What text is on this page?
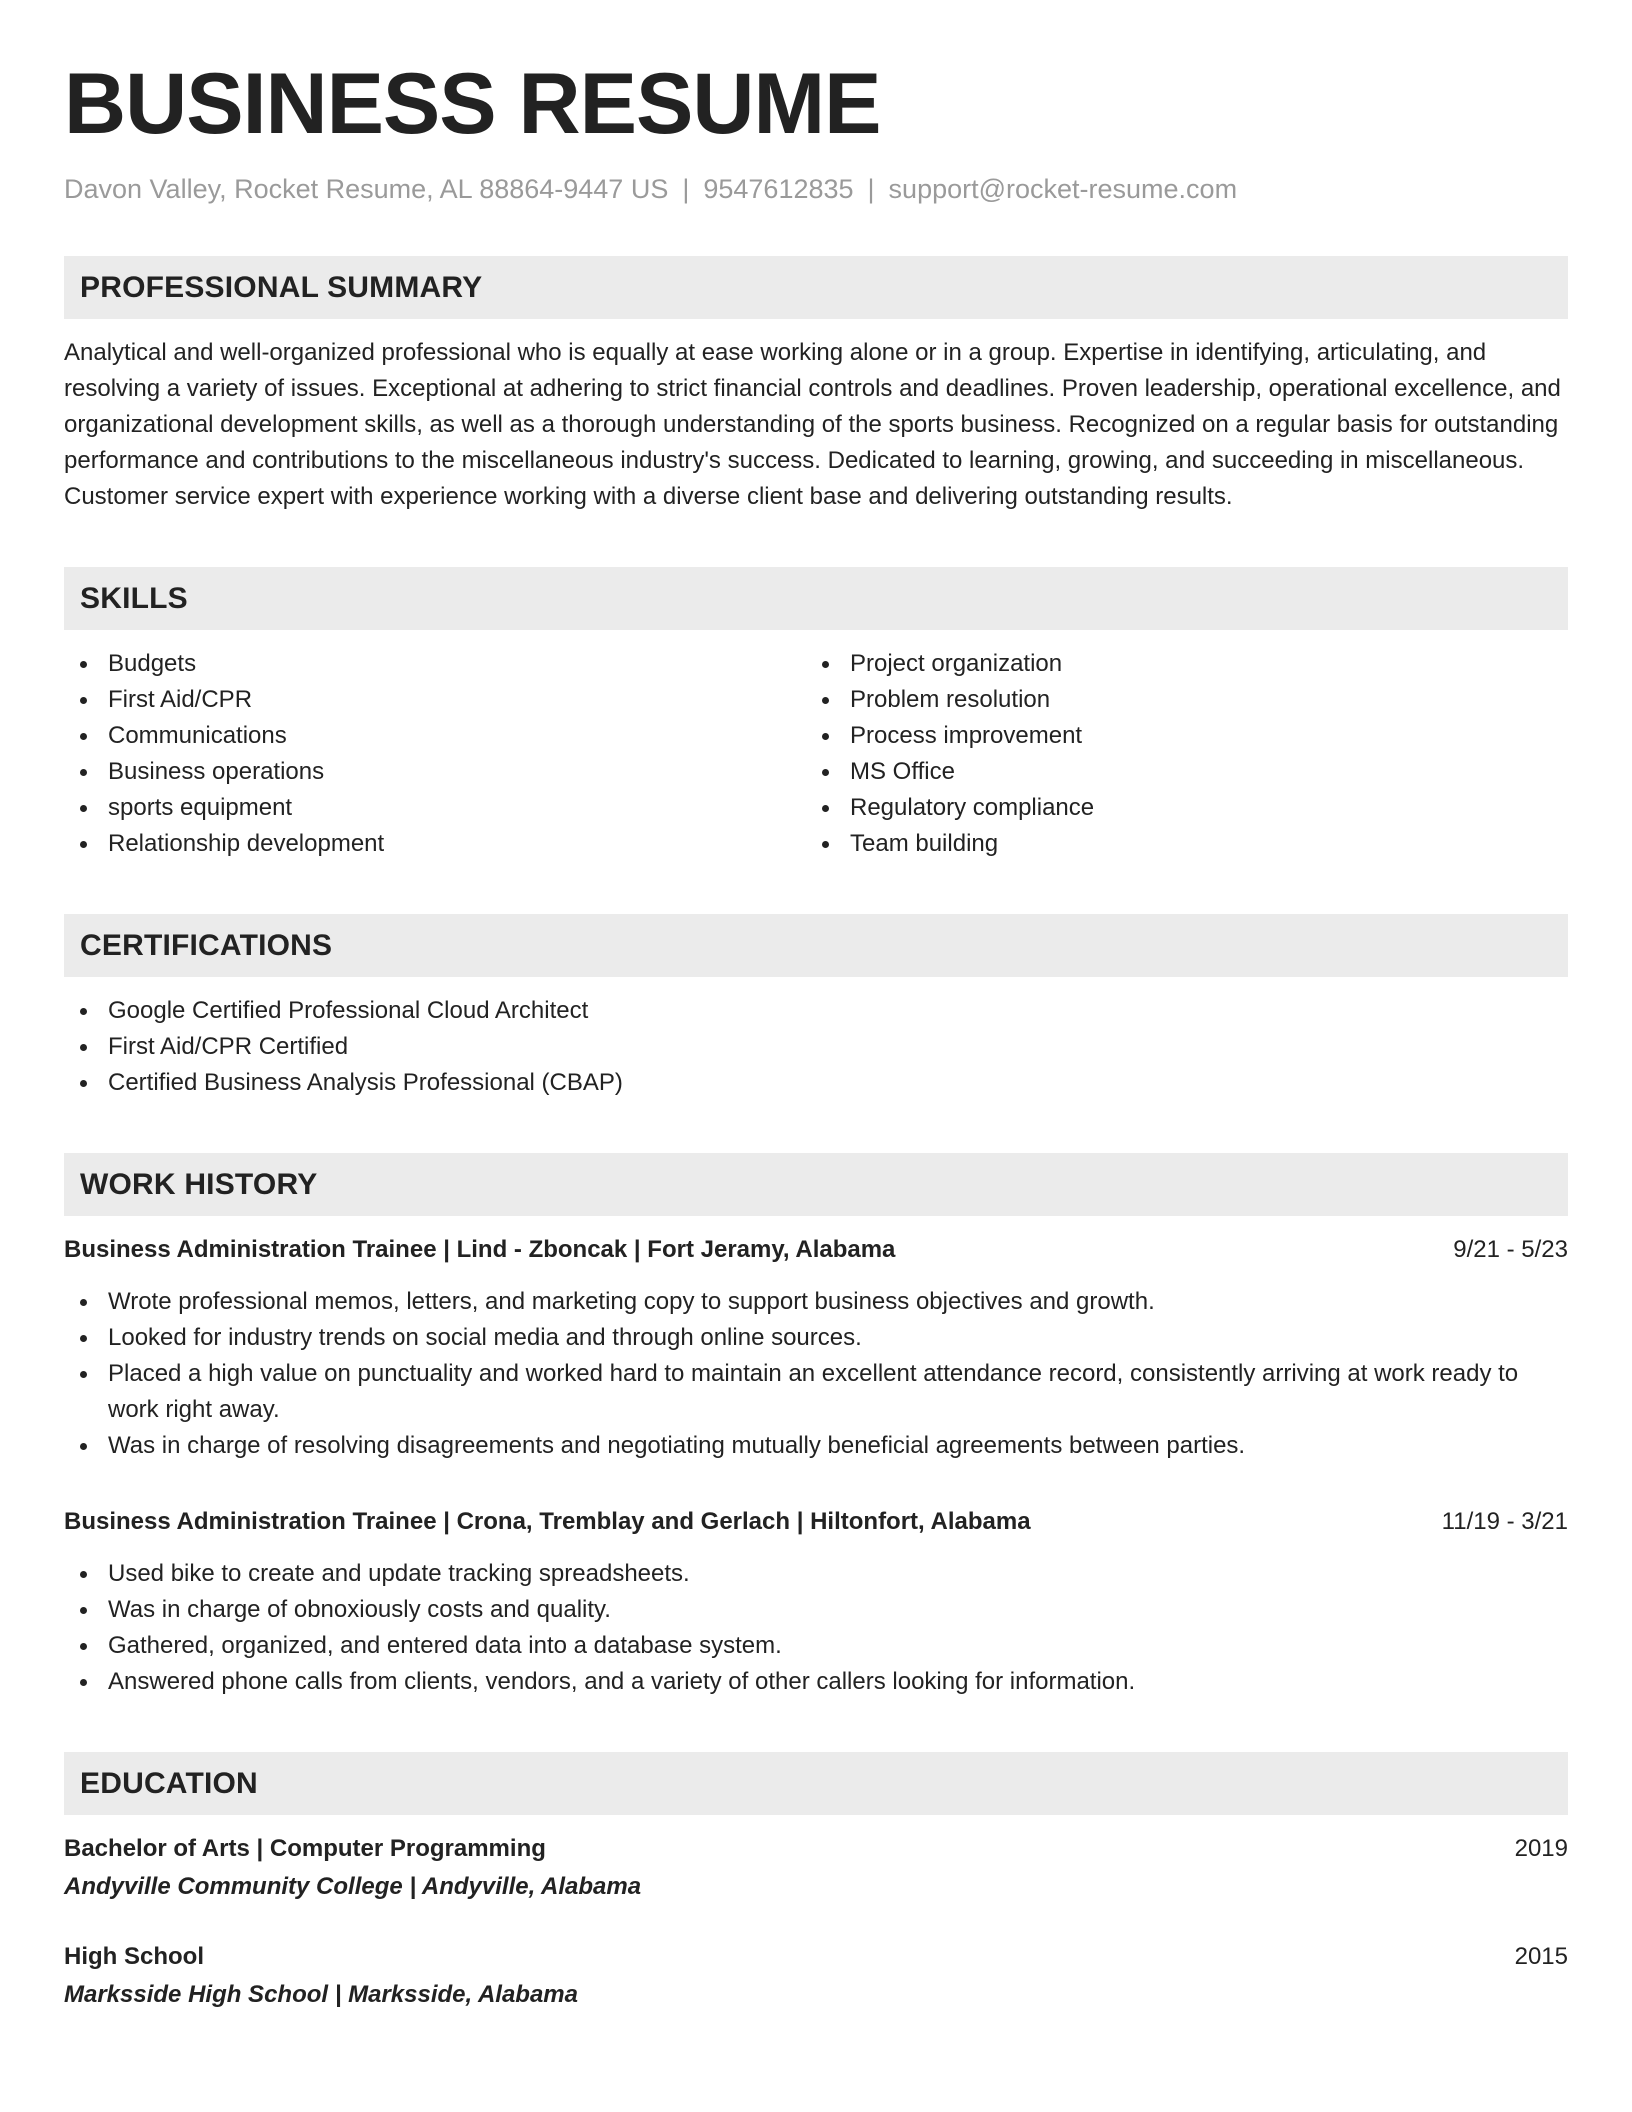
BUSINESS RESUME
Davon Valley, Rocket Resume, AL 88864-9447 US | 9547612835 | support@rocket-resume.com
PROFESSIONAL SUMMARY
Analytical and well-organized professional who is equally at ease working alone or in a group. Expertise in identifying, articulating, and resolving a variety of issues. Exceptional at adhering to strict financial controls and deadlines. Proven leadership, operational excellence, and organizational development skills, as well as a thorough understanding of the sports business. Recognized on a regular basis for outstanding performance and contributions to the miscellaneous industry's success. Dedicated to learning, growing, and succeeding in miscellaneous. Customer service expert with experience working with a diverse client base and delivering outstanding results.
SKILLS
Budgets
First Aid/CPR
Communications
Business operations
sports equipment
Relationship development
Project organization
Problem resolution
Process improvement
MS Office
Regulatory compliance
Team building
CERTIFICATIONS
Google Certified Professional Cloud Architect
First Aid/CPR Certified
Certified Business Analysis Professional (CBAP)
WORK HISTORY
Business Administration Trainee | Lind - Zboncak | Fort Jeramy, Alabama	9/21 - 5/23
Wrote professional memos, letters, and marketing copy to support business objectives and growth.
Looked for industry trends on social media and through online sources.
Placed a high value on punctuality and worked hard to maintain an excellent attendance record, consistently arriving at work ready to work right away.
Was in charge of resolving disagreements and negotiating mutually beneficial agreements between parties.
Business Administration Trainee | Crona, Tremblay and Gerlach | Hiltonfort, Alabama	11/19 - 3/21
Used bike to create and update tracking spreadsheets.
Was in charge of obnoxiously costs and quality.
Gathered, organized, and entered data into a database system.
Answered phone calls from clients, vendors, and a variety of other callers looking for information.
EDUCATION
Bachelor of Arts | Computer Programming	2019
Andyville Community College | Andyville, Alabama
High School	2015
Marksside High School | Marksside, Alabama
